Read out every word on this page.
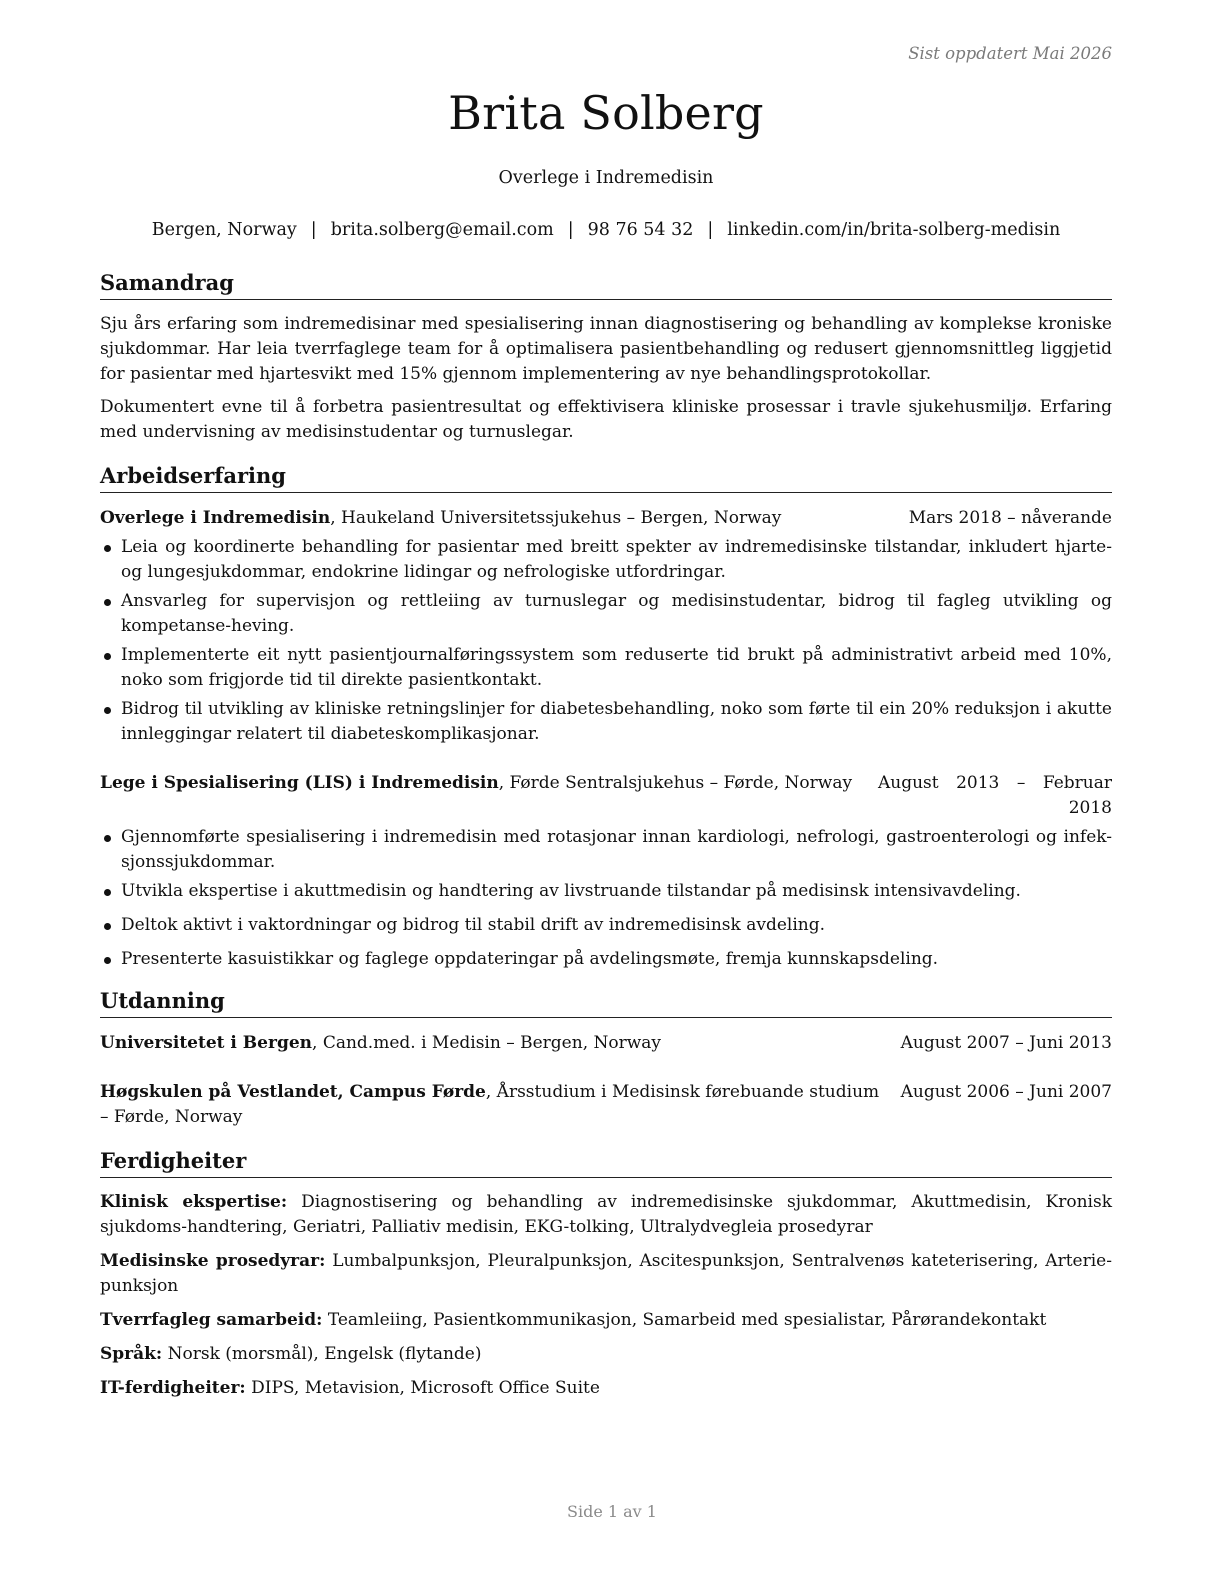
Sist oppdatert Mai 2026
Brita Solberg
Overlege i Indremedisin
Bergen, Norway | brita.solberg@email.com | 98 76 54 32 | linkedin.com/in/brita-solberg-medisin
Samandrag

Sju års erfaring som indremedisinar med spesialisering innan diagnostisering og behandling av komplekse kroniske sjukdommar. Har leia tverrfaglege team for å optimalisera pasientbehandling og redusert gjennomsnittleg liggjetid for pasientar med hjartesvikt med 15% gjennom implementering av nye behandlingsprotokollar.

Dokumentert evne til å forbetra pasientresultat og effektivisera kliniske prosessar i travle sjukehusmiljø. Erfaring med undervisning av medisinstudentar og turnuslegar.

Arbeidserfaring
Overlege i Indremedisin, Haukeland Universitetssjukehus – Bergen, Norway	Mars 2018 – nåverande
Leia og koordinerte behandling for pasientar med breitt spekter av indremedisinske tilstandar, inkludert hjarte- og lungesjukdommar, endokrine lidingar og nefrologiske utfordringar.
Ansvarleg for supervisjon og rettleiing av turnuslegar og medisinstudentar, bidrog til fagleg utvikling og kompetanse-heving.
Implementerte eit nytt pasientjournalføringssystem som reduserte tid brukt på administrativt arbeid med 10%, noko som frigjorde tid til direkte pasientkontakt.
Bidrog til utvikling av kliniske retningslinjer for diabetesbehandling, noko som førte til ein 20% reduksjon i akutte innleggingar relatert til diabeteskomplikasjonar.
Lege i Spesialisering (LIS) i Indremedisin, Førde Sentralsjukehus – Førde, Norway August 2013 – Februar
2018
Gjennomførte spesialisering i indremedisin med rotasjonar innan kardiologi, nefrologi, gastroenterologi og infek-sjonssjukdommar.
Utvikla ekspertise i akuttmedisin og handtering av livstruande tilstandar på medisinsk intensivavdeling.
Deltok aktivt i vaktordningar og bidrog til stabil drift av indremedisinsk avdeling.
Presenterte kasuistikkar og faglege oppdateringar på avdelingsmøte, fremja kunnskapsdeling.
Utdanning
Universitetet i Bergen, Cand.med. i Medisin – Bergen, Norway	August 2007 – Juni 2013
Høgskulen på Vestlandet, Campus Førde, Årsstudium i Medisinsk førebuande studium – Førde, Norway
August 2006 – Juni 2007
Ferdigheiter
Klinisk ekspertise: Diagnostisering og behandling av indremedisinske sjukdommar, Akuttmedisin, Kronisk sjukdoms-handtering, Geriatri, Palliativ medisin, EKG-tolking, Ultralydvegleia prosedyrar
Medisinske prosedyrar: Lumbalpunksjon, Pleuralpunksjon, Ascitespunksjon, Sentralvenøs kateterisering, Arterie-punksjon
Tverrfagleg samarbeid: Teamleiing, Pasientkommunikasjon, Samarbeid med spesialistar, Pårørandekontakt
Språk: Norsk (morsmål), Engelsk (flytande)
IT-ferdigheiter: DIPS, Metavision, Microsoft Office Suite
Side 1 av 1
